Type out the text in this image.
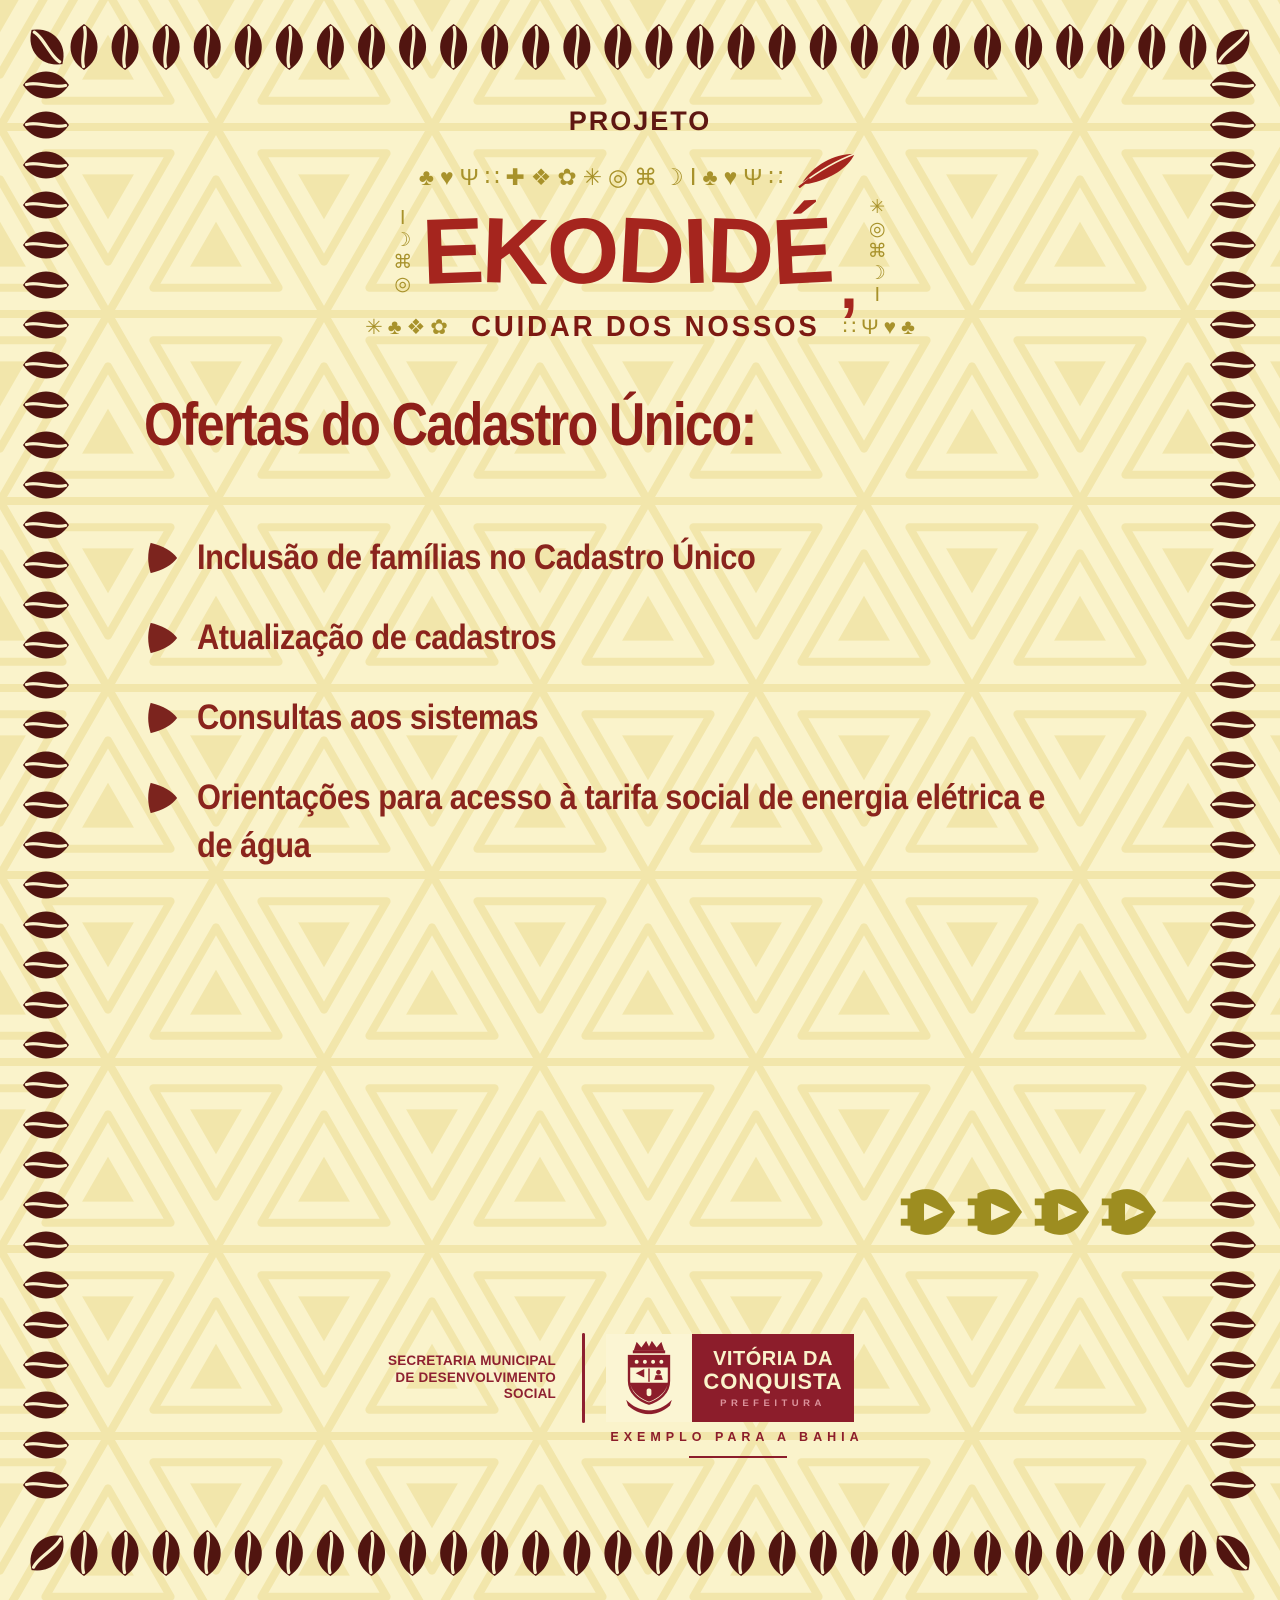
PROJETO
♣ ♥ Ψ ∷ ✚ ❖ ✿ ✳ ◎ ⌘ ☽ Ⅰ ♣ ♥ Ψ ∷
Ⅰ
☽
⌘
◎ E
K
O
D
I
D
É ,
✳
◎
⌘
☽
Ⅰ
✳ ♣ ❖ ✿ CUIDAR DOS NOSSOS ∷ Ψ ♥ ♣
Ofertas do Cadastro Único:
Inclusão de famílias no Cadastro Único
Atualização de cadastros
Consultas aos sistemas
Orientações para acesso à tarifa social de energia elétrica e de água
SECRETARIA MUNICIPAL
DE DESENVOLVIMENTO
SOCIAL
VITÓRIA DA
CONQUISTA
PREFEITURA
EXEMPLO PARA A BAHIA
